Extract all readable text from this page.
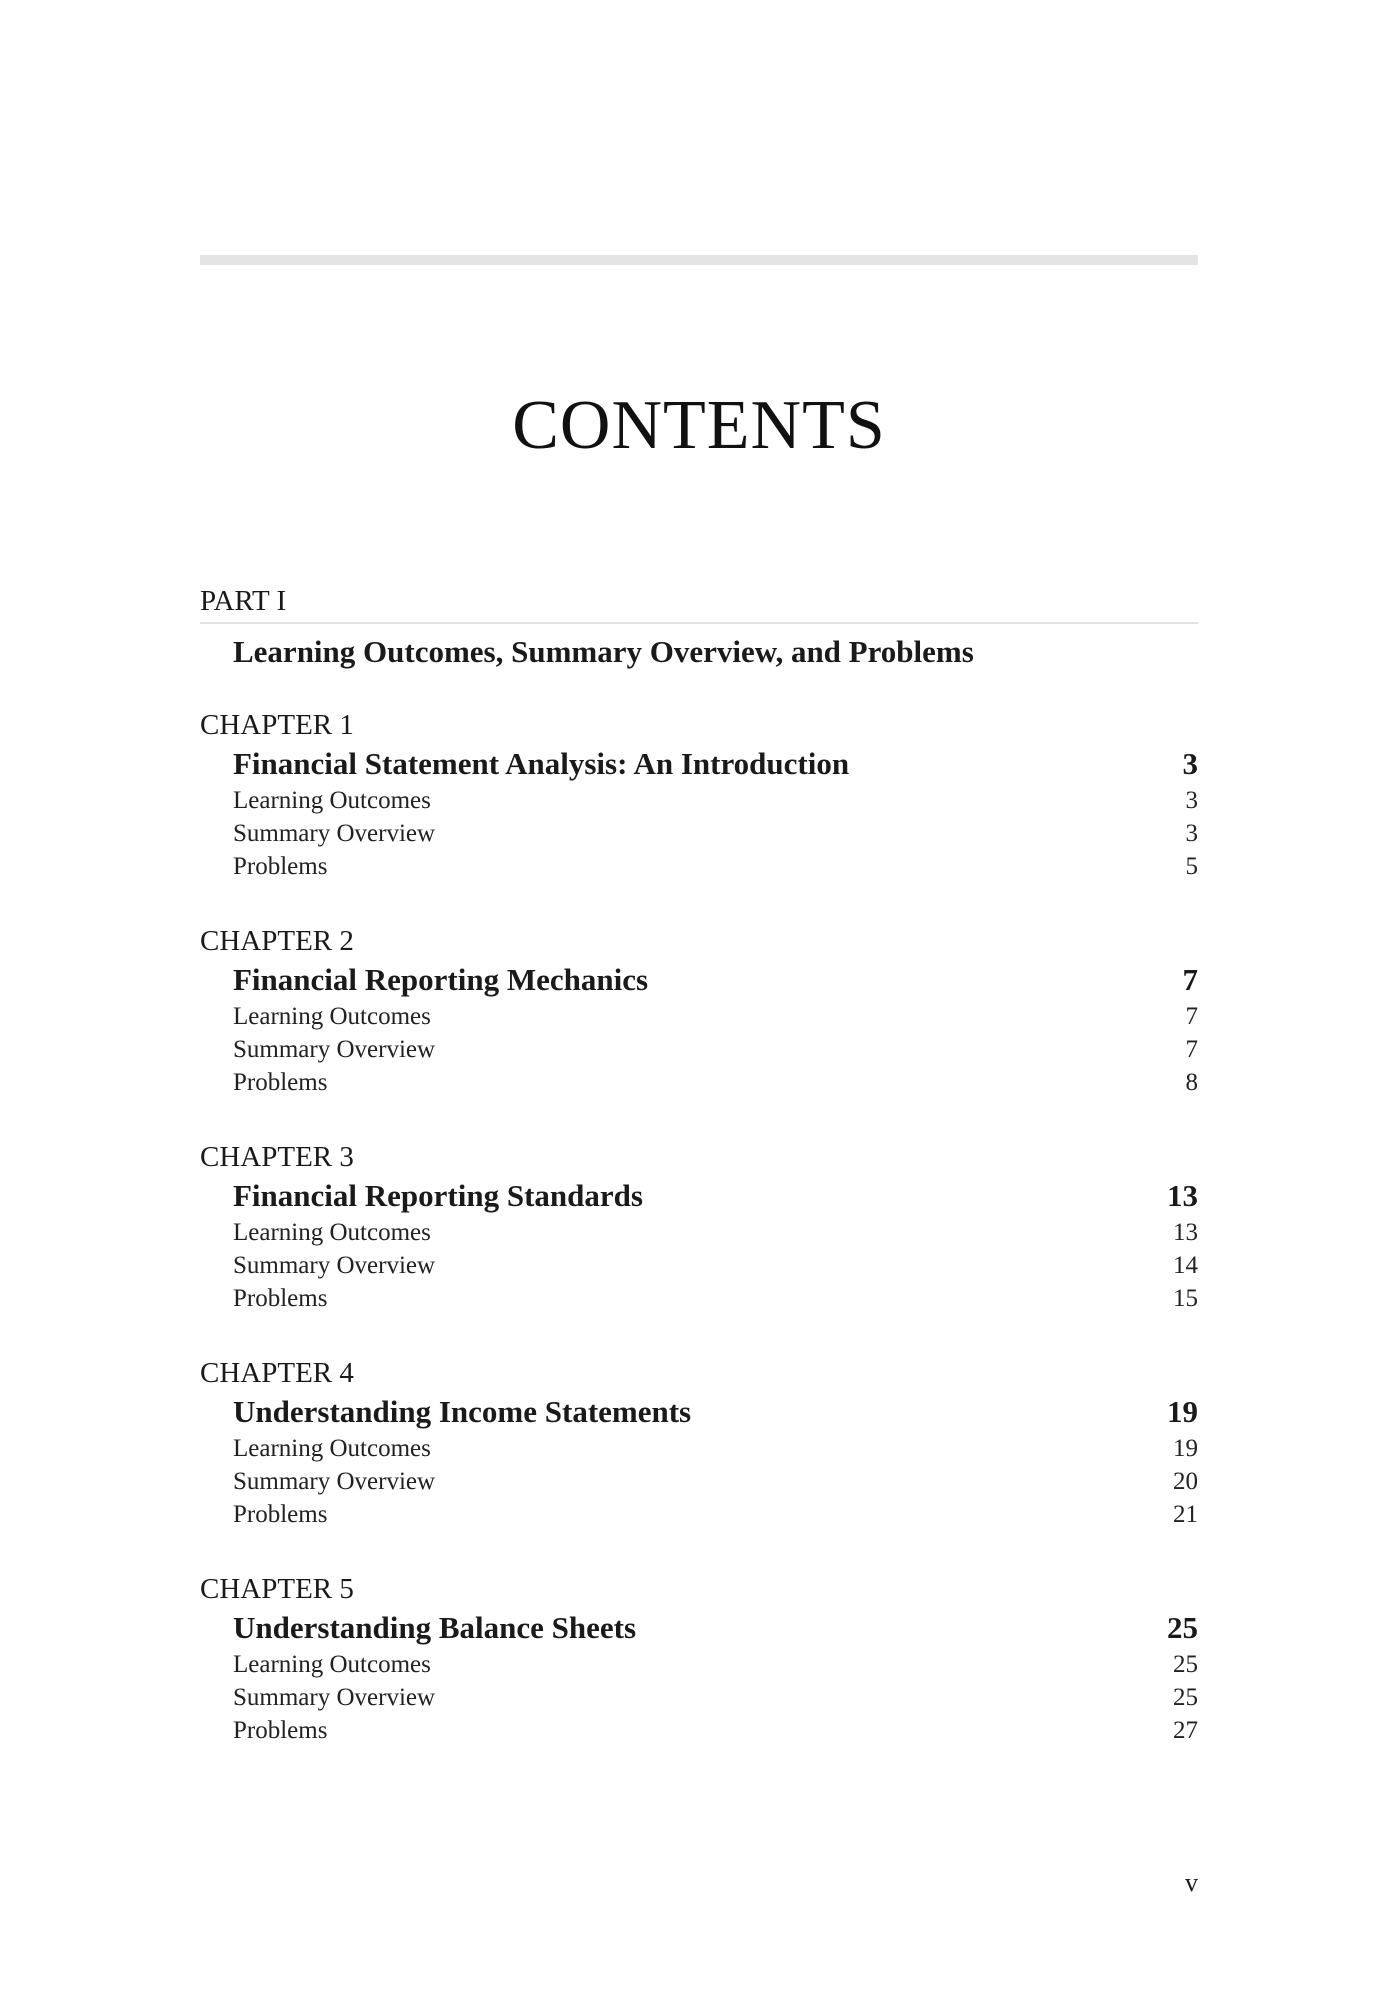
CONTENTS
PART I
Learning Outcomes, Summary Overview, and Problems
CHAPTER 1
Financial Statement Analysis: An Introduction	3
Learning Outcomes	3
Summary Overview	3
Problems	5
CHAPTER 2
Financial Reporting Mechanics	7
Learning Outcomes	7
Summary Overview	7
Problems	8
CHAPTER 3
Financial Reporting Standards	13
Learning Outcomes	13
Summary Overview	14
Problems	15
CHAPTER 4
Understanding Income Statements	19
Learning Outcomes	19
Summary Overview	20
Problems	21
CHAPTER 5
Understanding Balance Sheets	25
Learning Outcomes	25
Summary Overview	25
Problems	27
v
